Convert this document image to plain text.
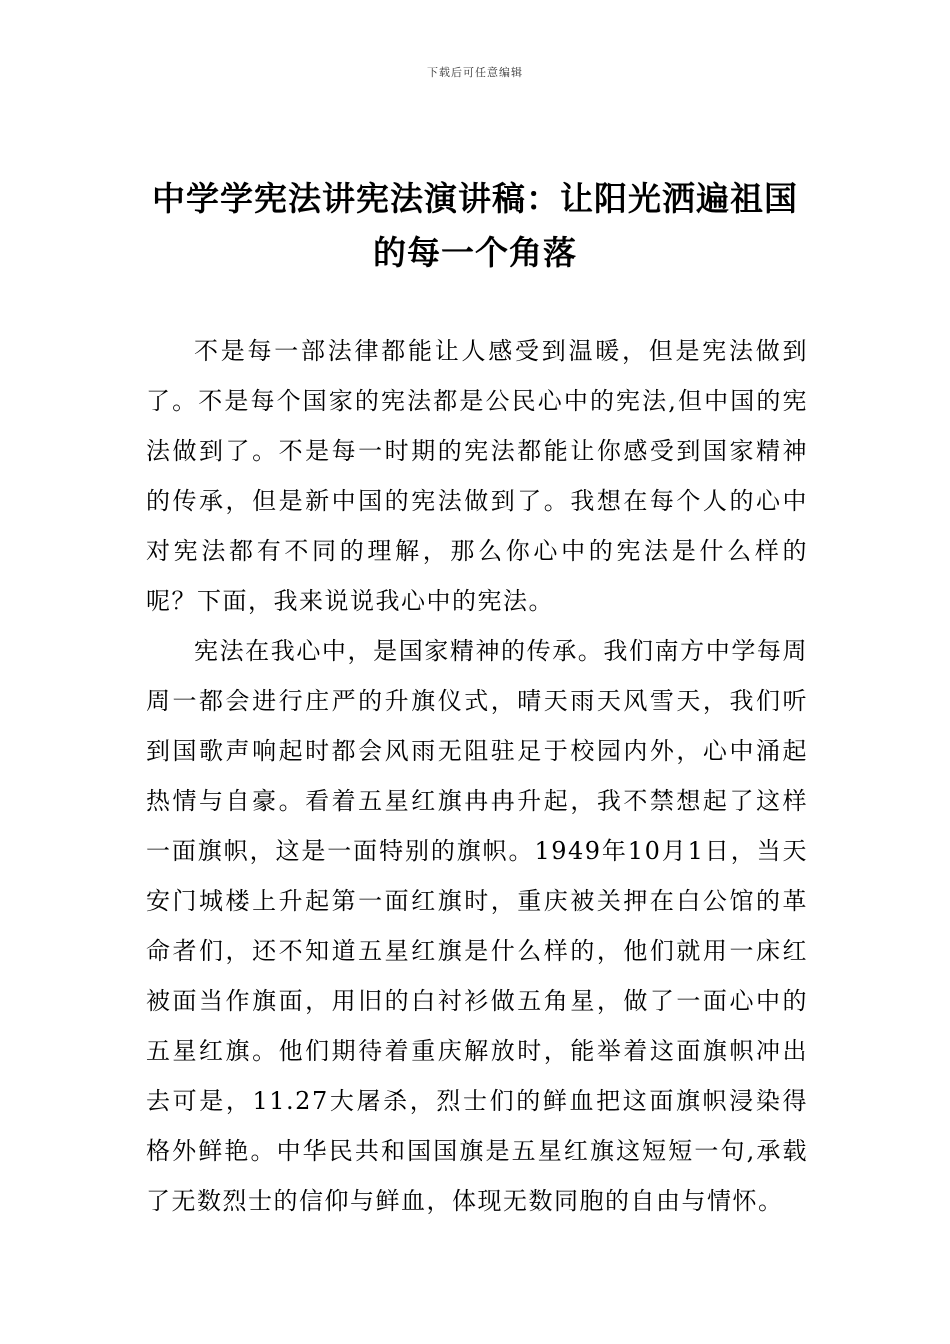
下载后可任意编辑
中学学宪法讲宪法演讲稿：让阳光洒遍祖国的每一个角落

不是每一部法律都能让人感受到温暖，但是宪法做到了。不是每个国家的宪法都是公民心中的宪法,但中国的宪法做到了。不是每一时期的宪法都能让你感受到国家精神的传承，但是新中国的宪法做到了。我想在每个人的心中对宪法都有不同的理解，那么你心中的宪法是什么样的呢？下面，我来说说我心中的宪法。

宪法在我心中，是国家精神的传承。我们南方中学每周周一都会进行庄严的升旗仪式，晴天雨天风雪天，我们听到国歌声响起时都会风雨无阻驻足于校园内外，心中涌起热情与自豪。看着五星红旗冉冉升起，我不禁想起了这样一面旗帜，这是一面特别的旗帜。1949年10月1日，当天安门城楼上升起第一面红旗时，重庆被关押在白公馆的革命者们，还不知道五星红旗是什么样的，他们就用一床红被面当作旗面，用旧的白衬衫做五角星，做了一面心中的五星红旗。他们期待着重庆解放时，能举着这面旗帜冲出去可是，11.27大屠杀，烈士们的鲜血把这面旗帜浸染得格外鲜艳。中华民共和国国旗是五星红旗这短短一句,承载了无数烈士的信仰与鲜血，体现无数同胞的自由与情怀。
